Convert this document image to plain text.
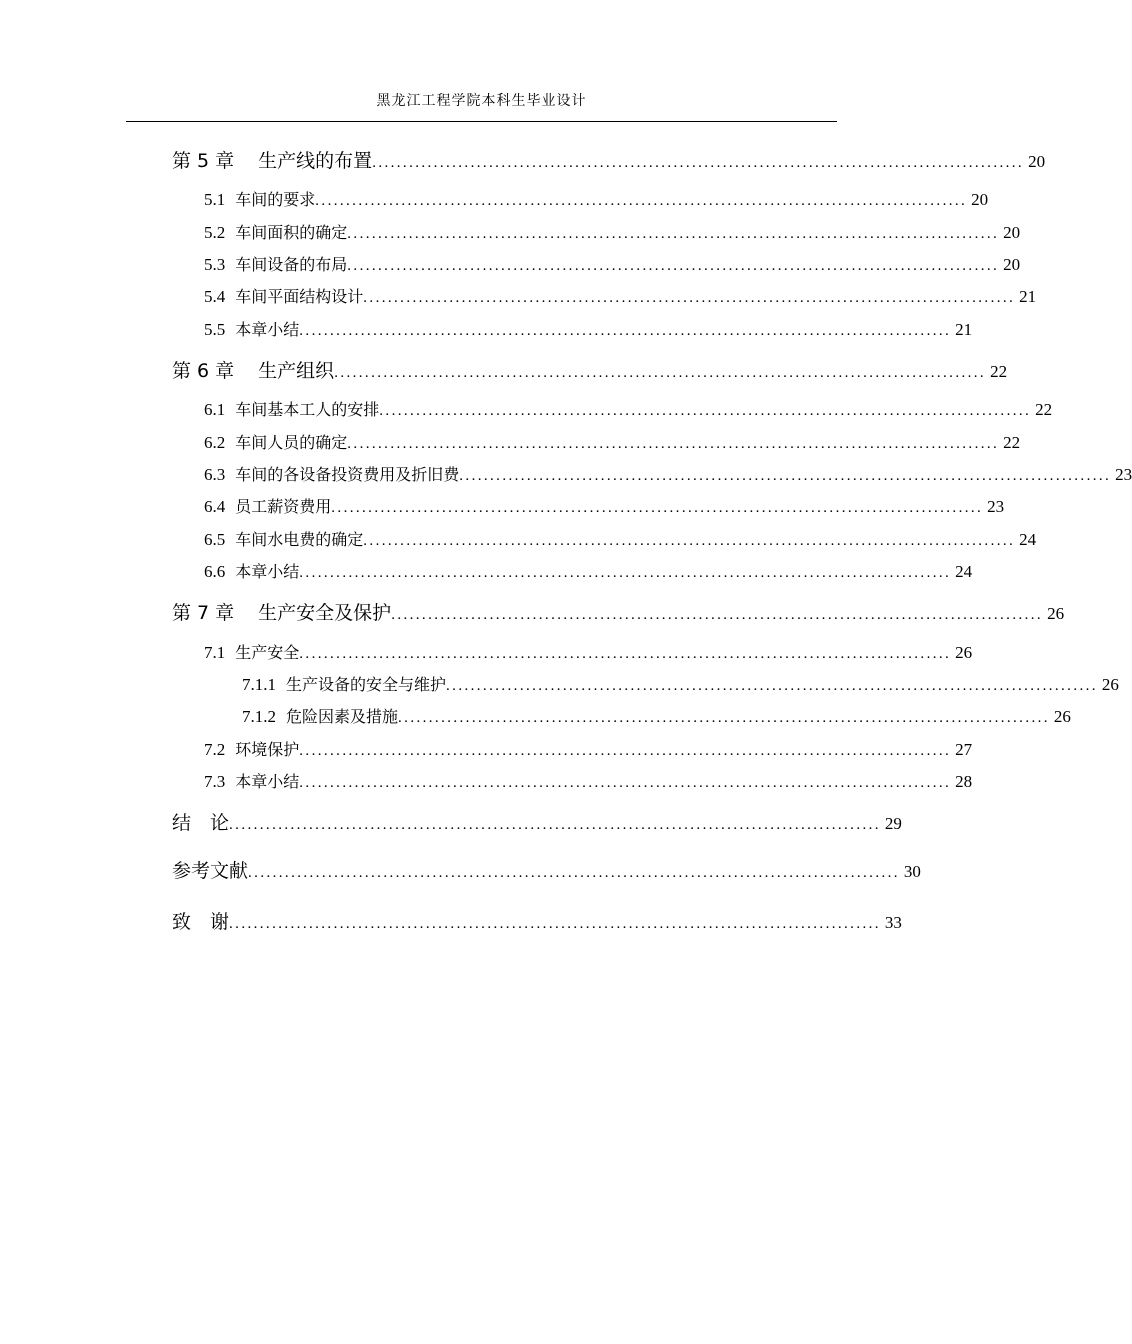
黑龙江工程学院本科生毕业设计
第 5 章 生产线的布置 .......................................................................................................... 20
5.1 车间的要求 .......................................................................................................... 20
5.2 车间面积的确定 .......................................................................................................... 20
5.3 车间设备的布局 .......................................................................................................... 20
5.4 车间平面结构设计 .......................................................................................................... 21
5.5 本章小结 .......................................................................................................... 21
第 6 章 生产组织 .......................................................................................................... 22
6.1 车间基本工人的安排 .......................................................................................................... 22
6.2 车间人员的确定 .......................................................................................................... 22
6.3 车间的各设备投资费用及折旧费 .......................................................................................................... 23
6.4 员工薪资费用 .......................................................................................................... 23
6.5 车间水电费的确定 .......................................................................................................... 24
6.6 本章小结 .......................................................................................................... 24
第 7 章 生产安全及保护 .......................................................................................................... 26
7.1 生产安全 .......................................................................................................... 26
7.1.1 生产设备的安全与维护 .......................................................................................................... 26
7.1.2 危险因素及措施 .......................................................................................................... 26
7.2 环境保护 .......................................................................................................... 27
7.3 本章小结 .......................................................................................................... 28
结　论 .......................................................................................................... 29
参考文献 .......................................................................................................... 30
致　谢 .......................................................................................................... 33
